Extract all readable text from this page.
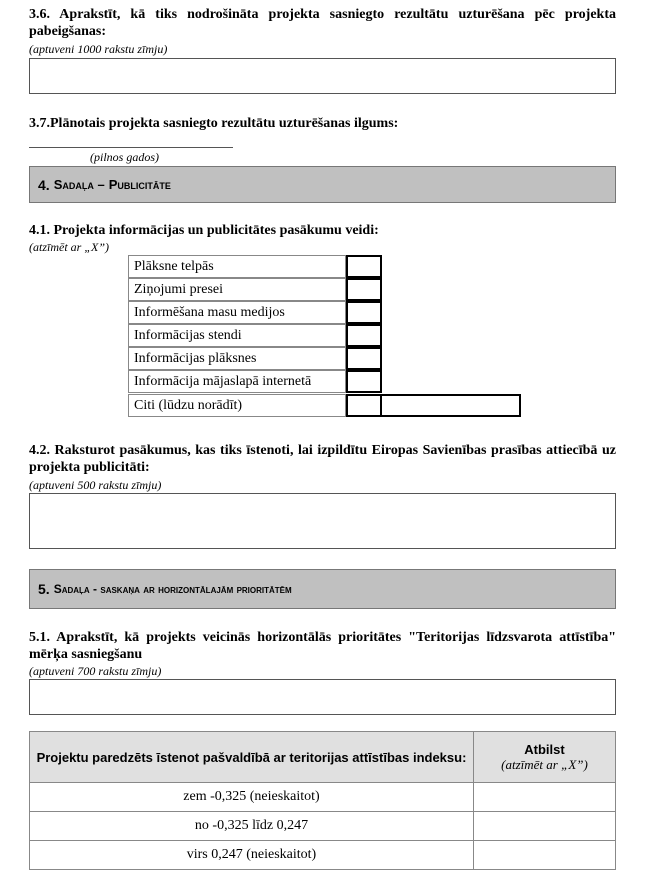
3.6. Aprakstīt, kā tiks nodrošināta projekta sasniegto rezultātu uzturēšana pēc projekta pabeigšanas:
(aptuveni 1000 rakstu zīmju)
3.7.Plānotais projekta sasniegto rezultātu uzturēšanas ilgums:
(pilnos gados)
4. Sadaļa – Publicitāte
4.1. Projekta informācijas un publicitātes pasākumu veidi:
(atzīmēt ar „X”)
Plāksne telpās
Ziņojumi presei
Informēšana masu medijos
Informācijas stendi
Informācijas plāksnes
Informācija mājaslapā internetā
Citi (lūdzu norādīt)
4.2. Raksturot pasākumus, kas tiks īstenoti, lai izpildītu Eiropas Savienības prasības attiecībā uz projekta publicitāti:
(aptuveni 500 rakstu zīmju)
5. Sadaļa - saskaņa ar horizontālajām prioritātēm
5.1. Aprakstīt, kā projekts veicinās horizontālās prioritātes "Teritorijas līdzsvarota attīstība" mērķa sasniegšanu
(aptuveni 700 rakstu zīmju)
Projektu paredzēts īstenot pašvaldībā ar teritorijas attīstības indeksu:	Atbilst
(atzīmēt ar „X”)

zem -0,325 (neieskaitot)	
no -0,325 līdz 0,247	
virs 0,247 (neieskaitot)	
